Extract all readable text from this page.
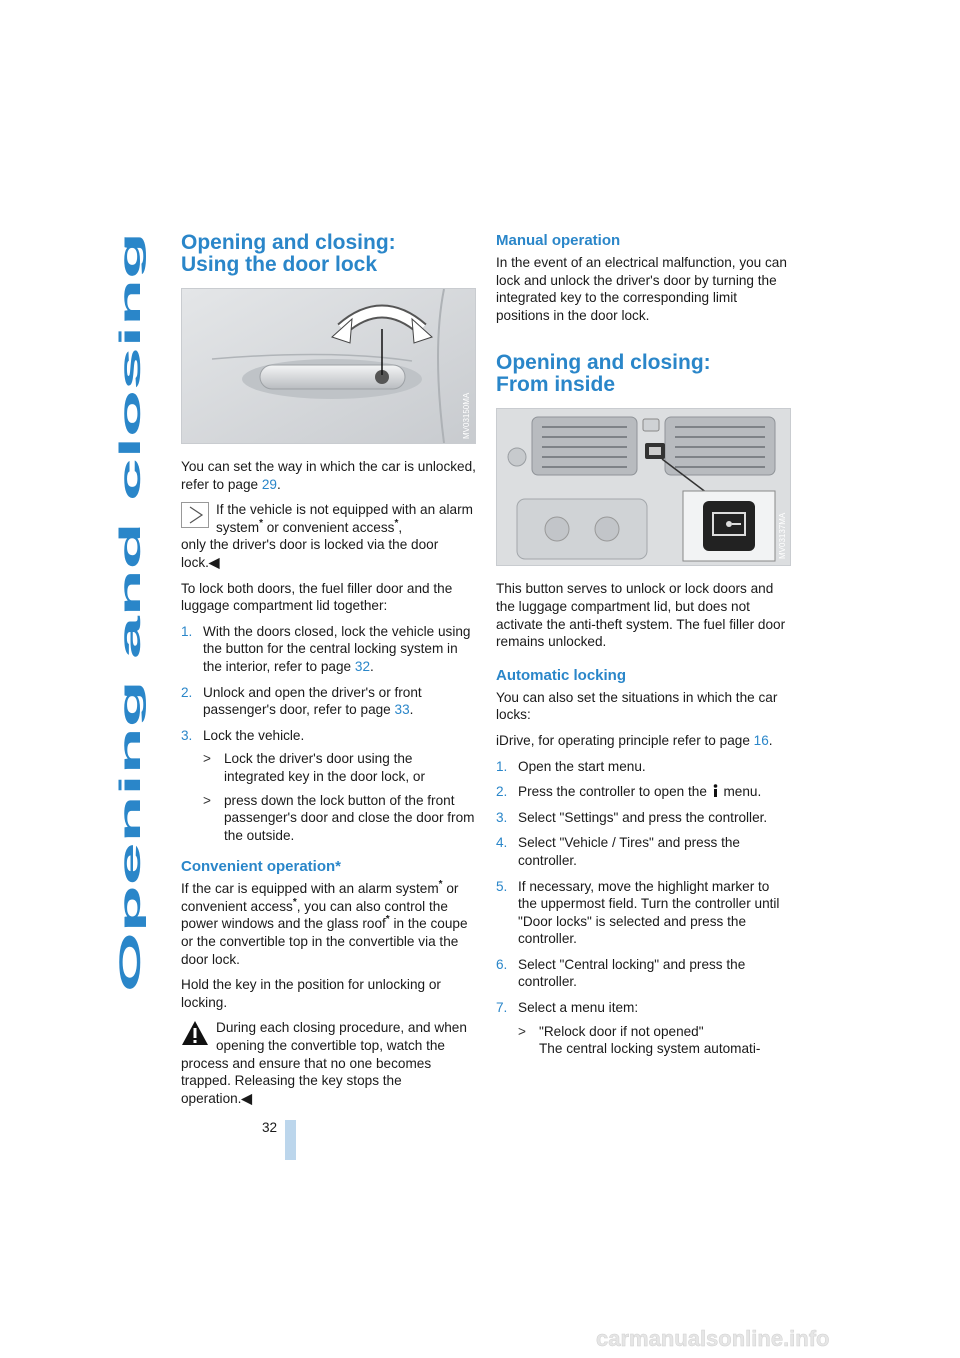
Opening and closing
Opening and closing:
Using the door lock
MV03150MA

You can set the way in which the car is unlocked, refer to page 29.

If the vehicle is not equipped with an alarm system* or convenient access*,
only the driver's door is locked via the door lock.◀

To lock both doors, the fuel filler door and the luggage compartment lid together:

1. With the doors closed, lock the vehicle using the button for the central locking system in the interior, refer to page 32.
2. Unlock and open the driver's or front passenger's door, refer to page 33.
3. Lock the vehicle.
> Lock the driver's door using the integrated key in the door lock, or
> press down the lock button of the front passenger's door and close the door from the outside.
Convenient operation*

If the car is equipped with an alarm system* or convenient access*, you can also control the power windows and the glass roof* in the coupe or the convertible top in the convertible via the door lock.

Hold the key in the position for unlocking or locking.

During each closing procedure, and when opening the convertible top, watch the
process and ensure that no one becomes trapped. Releasing the key stops the operation.◀
Manual operation

In the event of an electrical malfunction, you can lock and unlock the driver's door by turning the integrated key to the corresponding limit positions in the door lock.

Opening and closing:
From inside
MV03137MA

This button serves to unlock or lock doors and the luggage compartment lid, but does not activate the anti-theft system. The fuel filler door remains unlocked.

Automatic locking

You can also set the situations in which the car locks:

iDrive, for operating principle refer to page 16.

1. Open the start menu.
2. Press the controller to open the  menu.
3. Select "Settings" and press the controller.
4. Select "Vehicle / Tires" and press the controller.
5. If necessary, move the highlight marker to the uppermost field. Turn the controller until "Door locks" is selected and press the controller.
6. Select "Central locking" and press the controller.
7. Select a menu item:
> "Relock door if not opened"
The central locking system automati-
32
carmanualsonline.info
